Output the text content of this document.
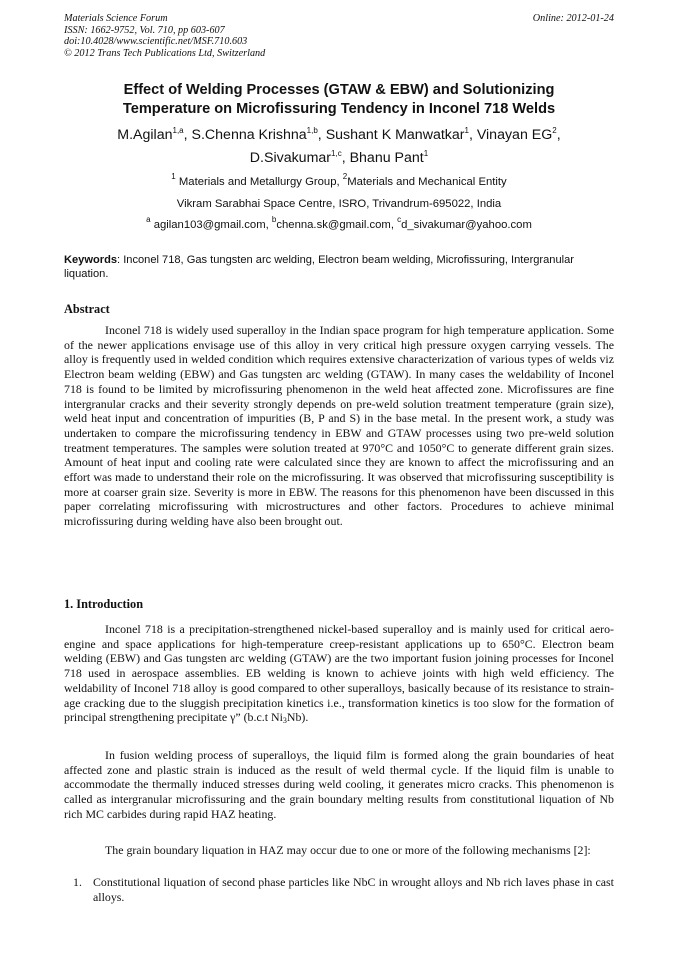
Materials Science Forum
ISSN: 1662-9752, Vol. 710, pp 603-607
doi:10.4028/www.scientific.net/MSF.710.603
© 2012 Trans Tech Publications Ltd, Switzerland
Online: 2012-01-24
Effect of Welding Processes (GTAW & EBW) and Solutionizing
Temperature on Microfissuring Tendency in Inconel 718 Welds
M.Agilan$^{1,a}$, S.Chenna Krishna$^{1,b}$, Sushant K Manwatkar$^1$, Vinayan $EG^2$,
D.Sivakumar$^{1,c}$, Bhanu Pant$^1$
$^1$ Materials and Metallurgy Group, $^2$Materials and Mechanical Entity
Vikram Sarabhai Space Centre, ISRO, Trivandrum-695022, India
$^a$ agilan103@gmail.com, $^b$chenna.sk@gmail.com, $^c$d_sivakumar@yahoo.com
Keywords: Inconel 718, Gas tungsten arc welding, Electron beam welding, Microfissuring, Intergranular liquation.
Abstract
Inconel 718 is widely used superalloy in the Indian space program for high temperature application. Some of the newer applications envisage use of this alloy in very critical high pressure oxygen carrying vessels. The alloy is frequently used in welded condition which requires extensive characterization of various types of welds viz Electron beam welding (EBW) and Gas tungsten arc welding (GTAW). In many cases the weldability of Inconel 718 is found to be limited by microfissuring phenomenon in the weld heat affected zone. Microfissures are fine intergranular cracks and their severity strongly depends on pre-weld solution treatment temperature (grain size), weld heat input and concentration of impurities (B, P and S) in the base metal. In the present work, a study was undertaken to compare the microfissuring tendency in EBW and GTAW processes using two pre-weld solution treatment temperatures. The samples were solution treated at 970°C and 1050°C to generate different grain sizes. Amount of heat input and cooling rate were calculated since they are known to affect the microfissuring and an effort was made to understand their role on the microfissuring. It was observed that microfissuring susceptibility is more at coarser grain size. Severity is more in EBW. The reasons for this phenomenon have been discussed in this paper correlating microfissuring with microstructures and other factors. Procedures to achieve minimal microfissuring during welding have also been brought out.
1. Introduction
Inconel 718 is a precipitation-strengthened nickel-based superalloy and is mainly used for critical aero-engine and space applications for high-temperature creep-resistant applications up to 650°C. Electron beam welding (EBW) and Gas tungsten arc welding (GTAW) are the two important fusion joining processes for Inconel 718 used in aerospace assemblies. EB welding is known to achieve joints with high weld efficiency. The weldability of Inconel 718 alloy is good compared to other superalloys, basically because of its resistance to strain-age cracking due to the sluggish precipitation kinetics i.e., transformation kinetics is too slow for the formation of principal strengthening precipitate γ” (b.c.t $Ni_3Nb$).
In fusion welding process of superalloys, the liquid film is formed along the grain boundaries of heat affected zone and plastic strain is induced as the result of weld thermal cycle. If the liquid film is unable to accommodate the thermally induced stresses during weld cooling, it generates micro cracks. This phenomenon is called as intergranular microfissuring and the grain boundary melting results from constitutional liquation of Nb rich MC carbides during rapid HAZ heating.
The grain boundary liquation in HAZ may occur due to one or more of the following mechanisms [2]:
1. Constitutional liquation of second phase particles like NbC in wrought alloys and Nb rich laves phase in cast alloys.
